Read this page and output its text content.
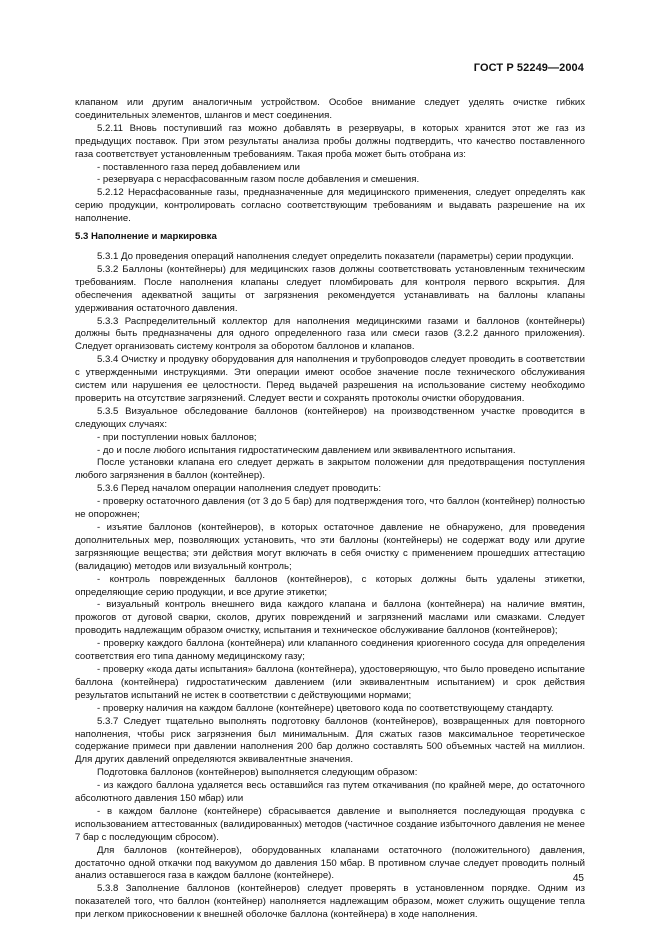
ГОСТ Р 52249—2004

клапаном или другим аналогичным устройством. Особое внимание следует уделять очистке гибких соединительных элементов, шлангов и мест соединения.

5.2.11 Вновь поступивший газ можно добавлять в резервуары, в которых хранится этот же газ из предыдущих поставок. При этом результаты анализа пробы должны подтвердить, что качество поставленного газа соответствует установленным требованиям. Такая проба может быть отобрана из:

- поставленного газа перед добавлением или

- резервуара с нерасфасованным газом после добавления и смешения.

5.2.12 Нерасфасованные газы, предназначенные для медицинского применения, следует определять как серию продукции, контролировать согласно соответствующим требованиям и выдавать разрешение на их наполнение.

5.3 Наполнение и маркировка

5.3.1 До проведения операций наполнения следует определить показатели (параметры) серии продукции.

5.3.2 Баллоны (контейнеры) для медицинских газов должны соответствовать установленным техническим требованиям. После наполнения клапаны следует пломбировать для контроля первого вскрытия. Для обеспечения адекватной защиты от загрязнения рекомендуется устанавливать на баллоны клапаны удерживания остаточного давления.

5.3.3 Распределительный коллектор для наполнения медицинскими газами и баллонов (контейнеры) должны быть предназначены для одного определенного газа или смеси газов (3.2.2 данного приложения). Следует организовать систему контроля за оборотом баллонов и клапанов.

5.3.4 Очистку и продувку оборудования для наполнения и трубопроводов следует проводить в соответствии с утвержденными инструкциями. Эти операции имеют особое значение после технического обслуживания систем или нарушения ее целостности. Перед выдачей разрешения на использование систему необходимо проверить на отсутствие загрязнений. Следует вести и сохранять протоколы очистки оборудования.

5.3.5 Визуальное обследование баллонов (контейнеров) на производственном участке проводится в следующих случаях:

- при поступлении новых баллонов;

- до и после любого испытания гидростатическим давлением или эквивалентного испытания.

После установки клапана его следует держать в закрытом положении для предотвращения поступления любого загрязнения в баллон (контейнер).

5.3.6 Перед началом операции наполнения следует проводить:

- проверку остаточного давления (от 3 до 5 бар) для подтверждения того, что баллон (контейнер) полностью не опорожнен;

- изъятие баллонов (контейнеров), в которых остаточное давление не обнаружено, для проведения дополнительных мер, позволяющих установить, что эти баллоны (контейнеры) не содержат воду или другие загрязняющие вещества; эти действия могут включать в себя очистку с применением прошедших аттестацию (валидацию) методов или визуальный контроль;

- контроль поврежденных баллонов (контейнеров), с которых должны быть удалены этикетки, определяющие серию продукции, и все другие этикетки;

- визуальный контроль внешнего вида каждого клапана и баллона (контейнера) на наличие вмятин, прожогов от дуговой сварки, сколов, других повреждений и загрязнений маслами или смазками. Следует проводить надлежащим образом очистку, испытания и техническое обслуживание баллонов (контейнеров);

- проверку каждого баллона (контейнера) или клапанного соединения криогенного сосуда для определения соответствия его типа данному медицинскому газу;

- проверку «кода даты испытания» баллона (контейнера), удостоверяющую, что было проведено испытание баллона (контейнера) гидростатическим давлением (или эквивалентным испытанием) и срок действия результатов испытаний не истек в соответствии с действующими нормами;

- проверку наличия на каждом баллоне (контейнере) цветового кода по соответствующему стандарту.

5.3.7 Следует тщательно выполнять подготовку баллонов (контейнеров), возвращенных для повторного наполнения, чтобы риск загрязнения был минимальным. Для сжатых газов максимальное теоретическое содержание примеси при давлении наполнения 200 бар должно составлять 500 объемных частей на миллион. Для других давлений определяются эквивалентные значения.

Подготовка баллонов (контейнеров) выполняется следующим образом:

- из каждого баллона удаляется весь оставшийся газ путем откачивания (по крайней мере, до остаточного абсолютного давления 150 мбар) или

- в каждом баллоне (контейнере) сбрасывается давление и выполняется последующая продувка с использованием аттестованных (валидированных) методов (частичное создание избыточного давления не менее 7 бар с последующим сбросом).

Для баллонов (контейнеров), оборудованных клапанами остаточного (положительного) давления, достаточно одной откачки под вакуумом до давления 150 мбар. В противном случае следует проводить полный анализ оставшегося газа в каждом баллоне (контейнере).

5.3.8 Заполнение баллонов (контейнеров) следует проверять в установленном порядке. Одним из показателей того, что баллон (контейнер) наполняется надлежащим образом, может служить ощущение тепла при легком прикосновении к внешней оболочке баллона (контейнера) в ходе наполнения.

45
